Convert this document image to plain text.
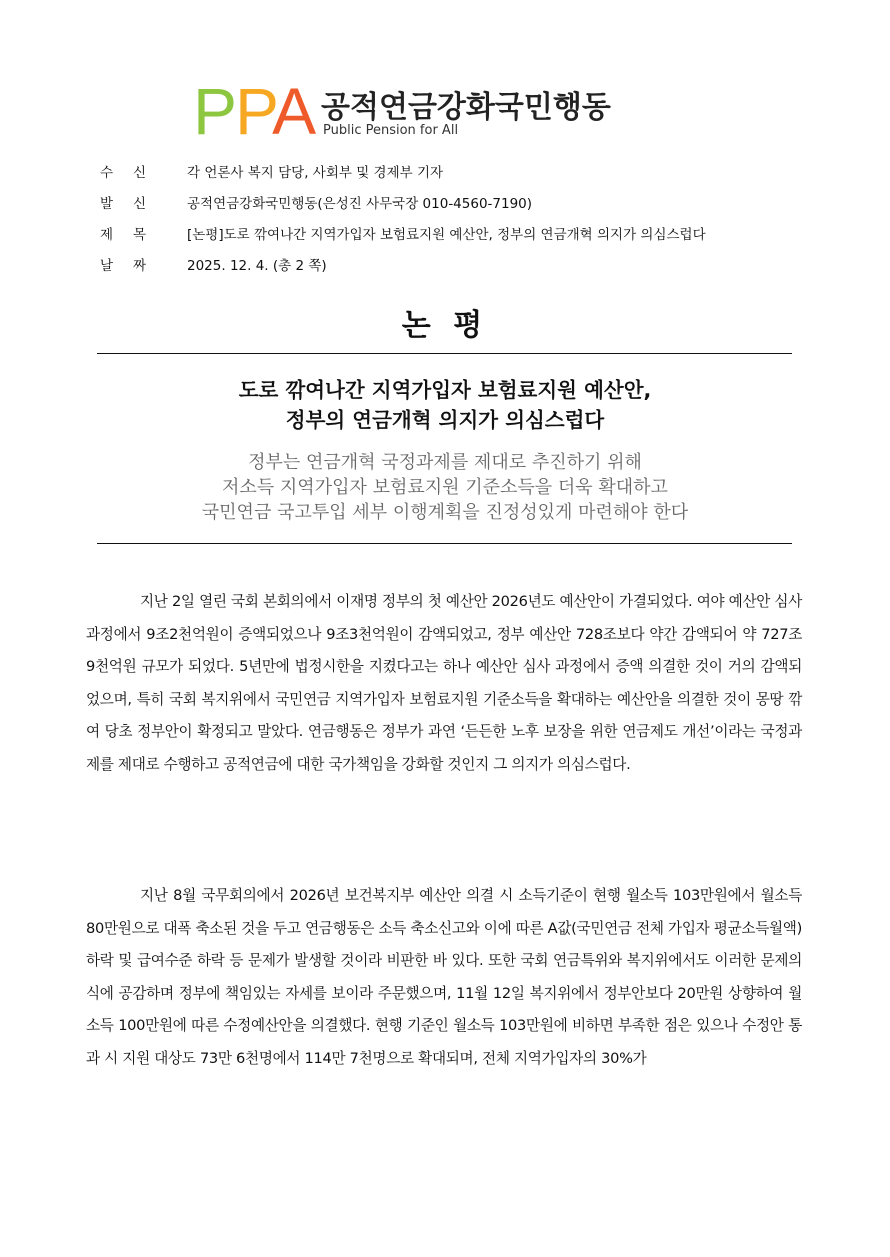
PPA 공적연금강화국민행동
Public Pension for All
수 신	각 언론사 복지 담당, 사회부 및 경제부 기자
발 신	공적연금강화국민행동(은성진 사무국장 010-4560-7190)
제 목	[논평]도로 깎여나간 지역가입자 보험료지원 예산안, 정부의 연금개혁 의지가 의심스럽다
날 짜	2025. 12. 4. (총 2 쪽)
논 평
도로 깎여나간 지역가입자 보험료지원 예산안,
정부의 연금개혁 의지가 의심스럽다
정부는 연금개혁 국정과제를 제대로 추진하기 위해
저소득 지역가입자 보험료지원 기준소득을 더욱 확대하고
국민연금 국고투입 세부 이행계획을 진정성있게 마련해야 한다

지난 2일 열린 국회 본회의에서 이재명 정부의 첫 예산안 2026년도 예산안이 가결되었다. 여야 예산안 심사 과정에서 9조2천억원이 증액되었으나 9조3천억원이 감액되었고, 정부 예산안 728조보다 약간 감액되어 약 727조9천억원 규모가 되었다. 5년만에 법정시한을 지켰다고는 하나 예산안 심사 과정에서 증액 의결한 것이 거의 감액되었으며, 특히 국회 복지위에서 국민연금 지역가입자 보험료지원 기준소득을 확대하는 예산안을 의결한 것이 몽땅 깎여 당초 정부안이 확정되고 말았다. 연금행동은 정부가 과연 ‘든든한 노후 보장을 위한 연금제도 개선’이라는 국정과제를 제대로 수행하고 공적연금에 대한 국가책임을 강화할 것인지 그 의지가 의심스럽다.

지난 8월 국무회의에서 2026년 보건복지부 예산안 의결 시 소득기준이 현행 월소득 103만원에서 월소득 80만원으로 대폭 축소된 것을 두고 연금행동은 소득 축소신고와 이에 따른 A값(국민연금 전체 가입자 평균소득월액) 하락 및 급여수준 하락 등 문제가 발생할 것이라 비판한 바 있다. 또한 국회 연금특위와 복지위에서도 이러한 문제의식에 공감하며 정부에 책임있는 자세를 보이라 주문했으며, 11월 12일 복지위에서 정부안보다 20만원 상향하여 월소득 100만원에 따른 수정예산안을 의결했다. 현행 기준인 월소득 103만원에 비하면 부족한 점은 있으나 수정안 통과 시 지원 대상도 73만 6천명에서 114만 7천명으로 확대되며, 전체 지역가입자의 30%가
